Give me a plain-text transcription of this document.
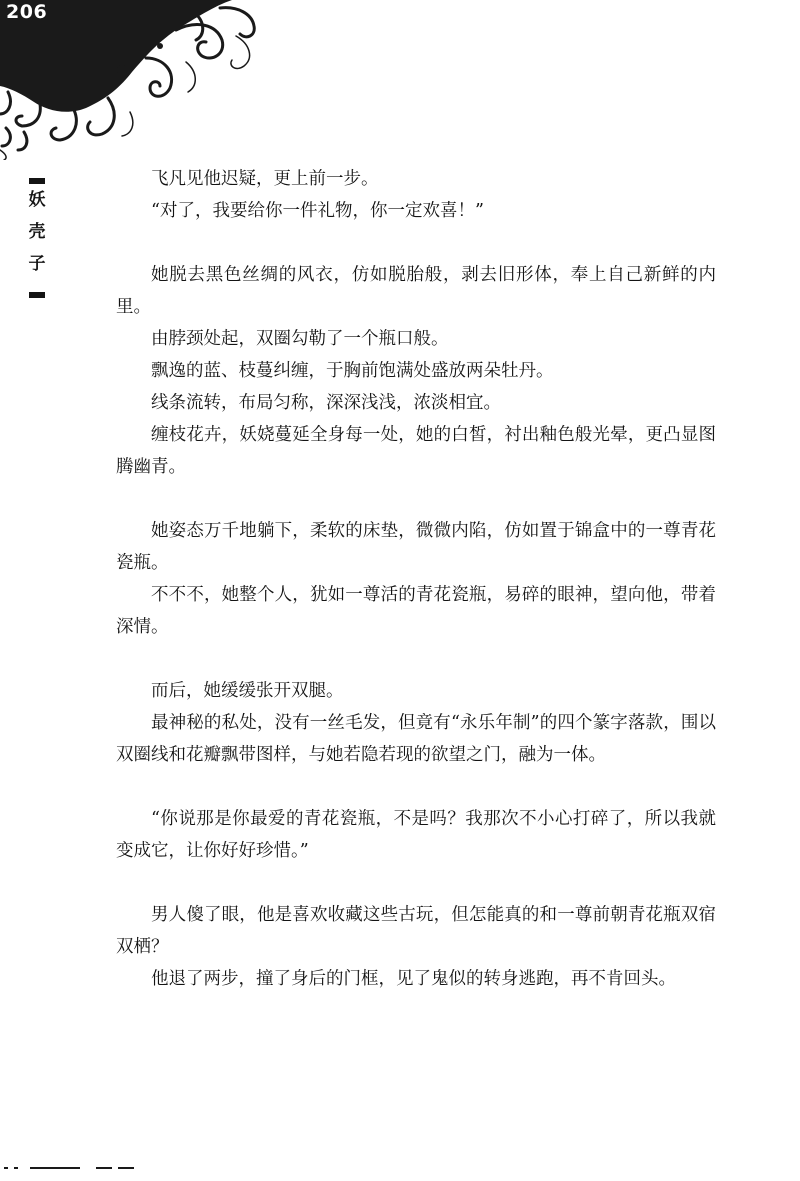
206

妖
壳
子

飞凡见他迟疑，更上前一步。

“对了，我要给你一件礼物，你一定欢喜！”

她脱去黑色丝绸的风衣，仿如脱胎般，剥去旧形体，奉上自己新鲜的内里。

由脖颈处起，双圈勾勒了一个瓶口般。

飘逸的蓝、枝蔓纠缠，于胸前饱满处盛放两朵牡丹。

线条流转，布局匀称，深深浅浅，浓淡相宜。

缠枝花卉，妖娆蔓延全身每一处，她的白皙，衬出釉色般光晕，更凸显图腾幽青。

她姿态万千地躺下，柔软的床垫，微微内陷，仿如置于锦盒中的一尊青花瓷瓶。

不不不，她整个人，犹如一尊活的青花瓷瓶，易碎的眼神，望向他，带着深情。

而后，她缓缓张开双腿。

最神秘的私处，没有一丝毛发，但竟有“永乐年制”的四个篆字落款，围以双圈线和花瓣飘带图样，与她若隐若现的欲望之门，融为一体。

“你说那是你最爱的青花瓷瓶，不是吗？我那次不小心打碎了，所以我就变成它，让你好好珍惜。”

男人傻了眼，他是喜欢收藏这些古玩，但怎能真的和一尊前朝青花瓶双宿双栖？

他退了两步，撞了身后的门框，见了鬼似的转身逃跑，再不肯回头。
